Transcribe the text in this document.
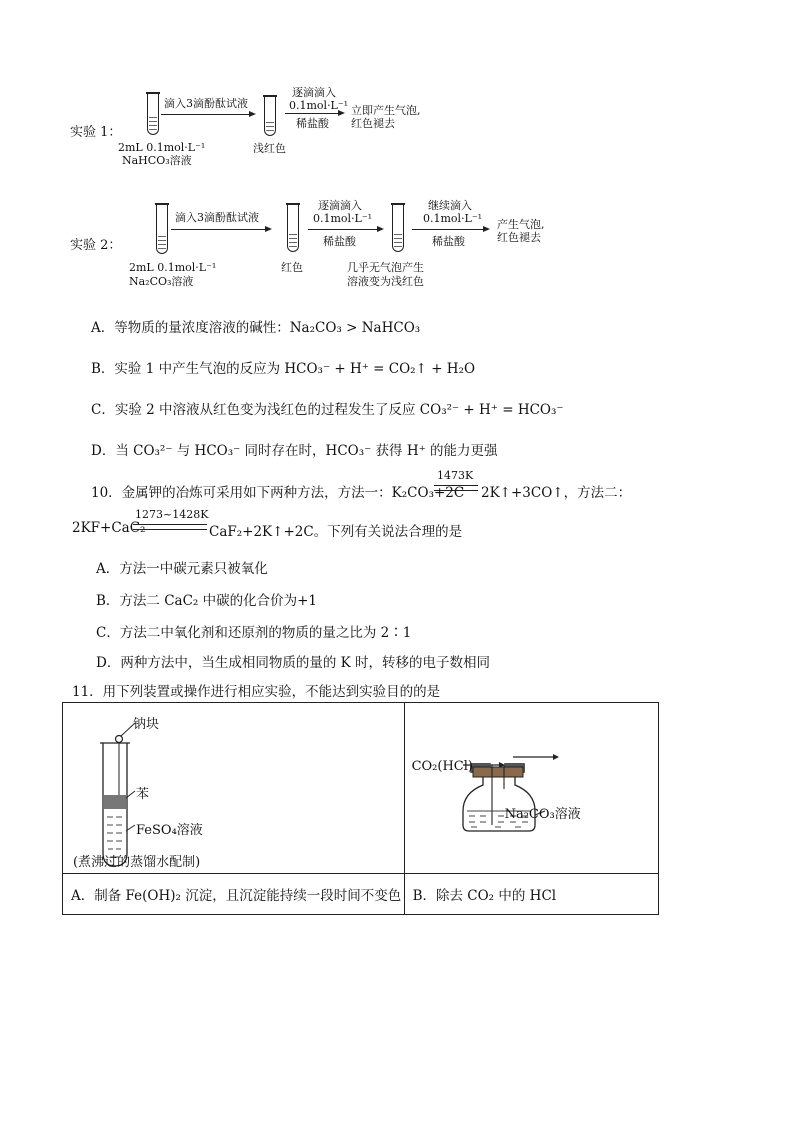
实验 1：
2mL 0.1mol·L⁻¹
NaHCO₃溶液
滴入3滴酚酞试液
浅红色
逐滴滴入
0.1mol·L⁻¹
稀盐酸
立即产生气泡,
红色褪去
实验 2：
2mL 0.1mol·L⁻¹
Na₂CO₃溶液
滴入3滴酚酞试液
红色
逐滴滴入
0.1mol·L⁻¹
稀盐酸
几乎无气泡产生
溶液变为浅红色
继续滴入
0.1mol·L⁻¹
稀盐酸
产生气泡,
红色褪去
A．等物质的量浓度溶液的碱性：Na₂CO₃ > NaHCO₃
B．实验 1 中产生气泡的反应为 HCO₃⁻ + H⁺ = CO₂↑ + H₂O
C．实验 2 中溶液从红色变为浅红色的过程发生了反应 CO₃²⁻ + H⁺ = HCO₃⁻
D．当 CO₃²⁻ 与 HCO₃⁻ 同时存在时，HCO₃⁻ 获得 H⁺ 的能力更强
10．金属钾的冶炼可采用如下两种方法，方法一：K₂CO₃+2C
1473K
2K↑+3CO↑，方法二：
2KF+CaC₂
1273~1428K
CaF₂+2K↑+2C。下列有关说法合理的是
A．方法一中碳元素只被氧化
B．方法二 CaC₂ 中碳的化合价为+1
C．方法二中氧化剂和还原剂的物质的量之比为 2∶1
D．两种方法中，当生成相同物质的量的 K 时，转移的电子数相同
11．用下列装置或操作进行相应实验，不能达到实验目的的是
钠块
苯
FeSO₄溶液
(煮沸过的蒸馏水配制)	CO₂(HCl)
Na₂CO₃溶液

A．制备 Fe(OH)₂ 沉淀，且沉淀能持续一段时间不变色	B．除去 CO₂ 中的 HCl
